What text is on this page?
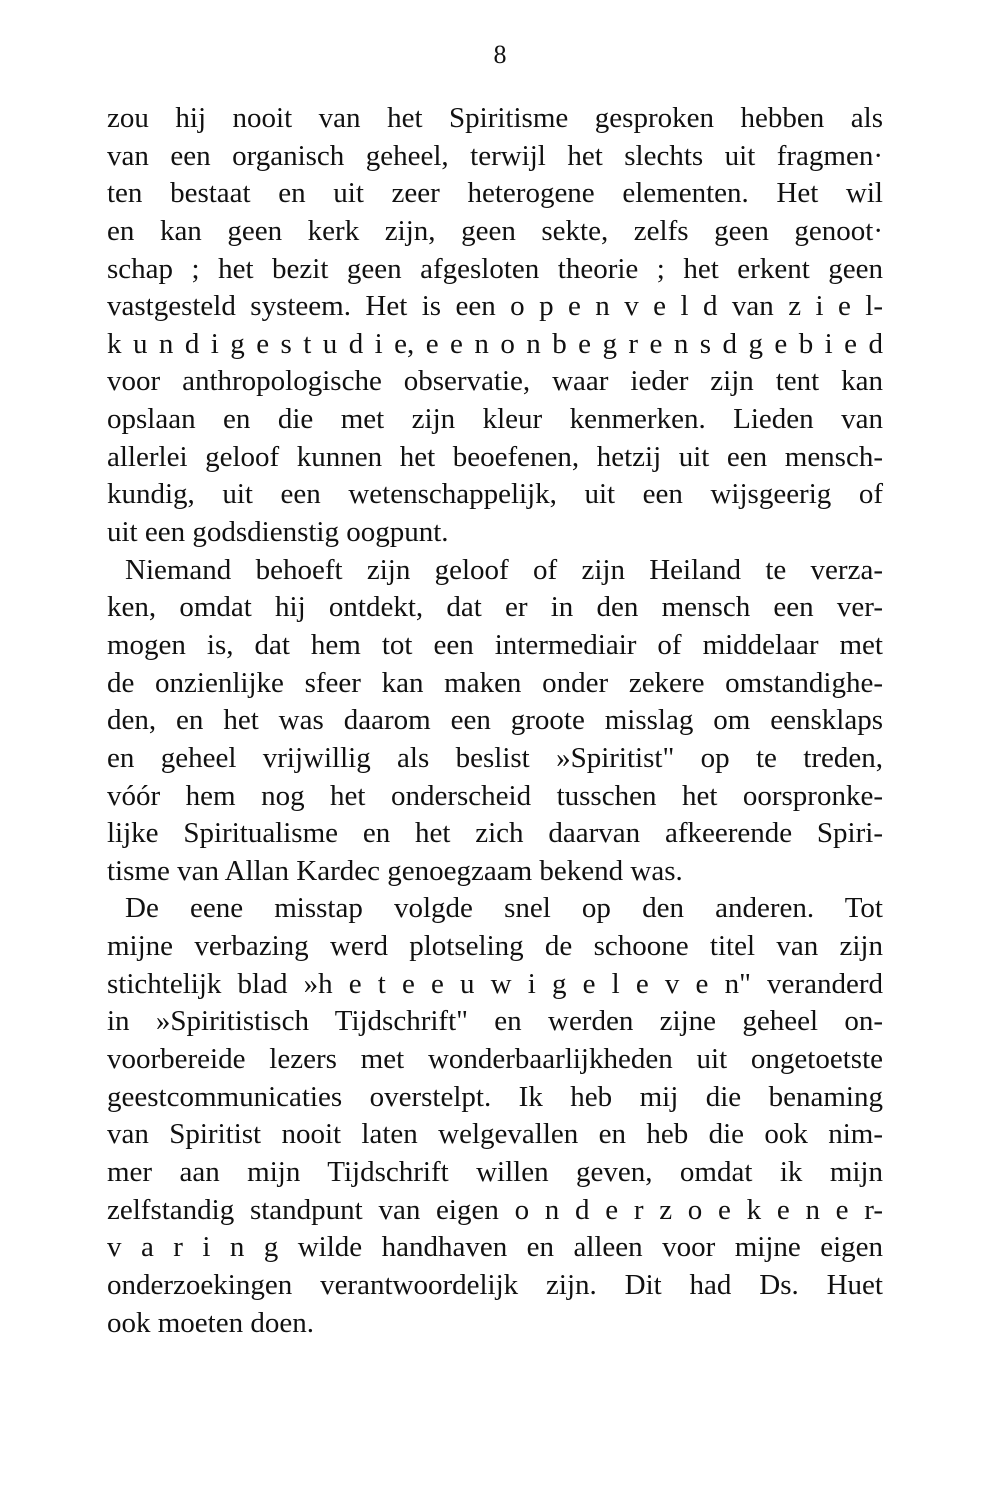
8
zou hij nooit van het Spiritisme gesproken hebben als
van een organisch geheel, terwijl het slechts uit fragmen·
ten bestaat en uit zeer heterogene elementen. Het wil
en kan geen kerk zijn, geen sekte, zelfs geen genoot·
schap ; het bezit geen afgesloten theorie ; het erkent geen
vastgesteld systeem. Het is een o p e n v e l d van z i e l-
k u n d i g e s t u d i e, e e n o n b e g r e n s d g e b i e d
voor anthropologische observatie, waar ieder zijn tent kan
opslaan en die met zijn kleur kenmerken. Lieden van
allerlei geloof kunnen het beoefenen, hetzij uit een mensch-
kundig, uit een wetenschappelijk, uit een wijsgeerig of
uit een godsdienstig oogpunt.
Niemand behoeft zijn geloof of zijn Heiland te verza-
ken, omdat hij ontdekt, dat er in den mensch een ver-
mogen is, dat hem tot een intermediair of middelaar met
de onzienlijke sfeer kan maken onder zekere omstandighe-
den, en het was daarom een groote misslag om eensklaps
en geheel vrijwillig als beslist »Spiritist" op te treden,
vóór hem nog het onderscheid tusschen het oorspronke-
lijke Spiritualisme en het zich daarvan afkeerende Spiri-
tisme van Allan Kardec genoegzaam bekend was.
De eene misstap volgde snel op den anderen. Tot
mijne verbazing werd plotseling de schoone titel van zijn
stichtelijk blad »h e t e e u w i g e l e v e n" veranderd
in »Spiritistisch Tijdschrift" en werden zijne geheel on-
voorbereide lezers met wonderbaarlijkheden uit ongetoetste
geestcommunicaties overstelpt. Ik heb mij die benaming
van Spiritist nooit laten welgevallen en heb die ook nim-
mer aan mijn Tijdschrift willen geven, omdat ik mijn
zelfstandig standpunt van eigen o n d e r z o e k e n e r-
v a r i n g wilde handhaven en alleen voor mijne eigen
onderzoekingen verantwoordelijk zijn. Dit had Ds. Huet
ook moeten doen.
